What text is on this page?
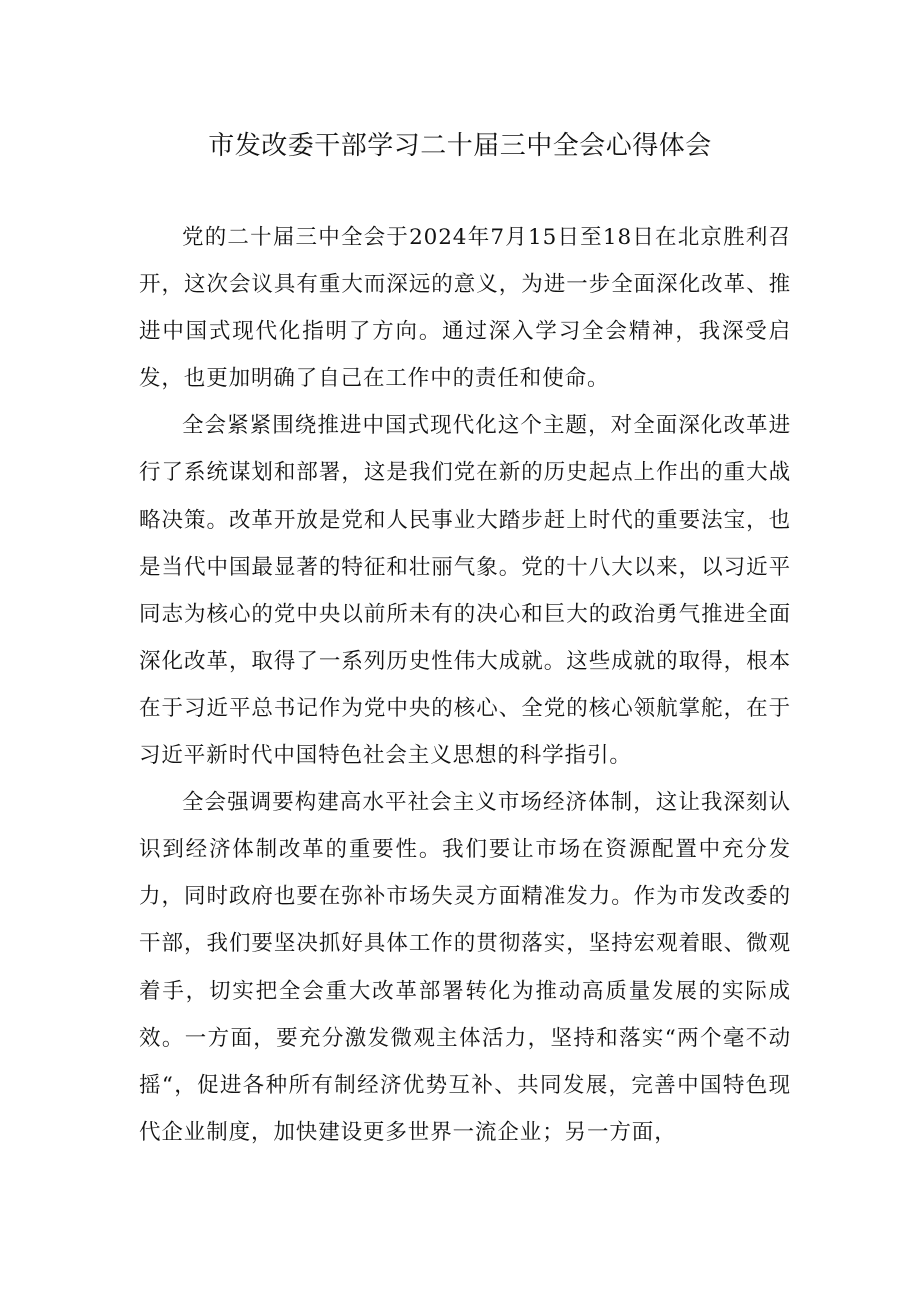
市发改委干部学习二十届三中全会心得体会

党的二十届三中全会于2024年7月15日至18日在北京胜利召开，这次会议具有重大而深远的意义，为进一步全面深化改革、推进中国式现代化指明了方向。通过深入学习全会精神，我深受启发，也更加明确了自己在工作中的责任和使命。

全会紧紧围绕推进中国式现代化这个主题，对全面深化改革进行了系统谋划和部署，这是我们党在新的历史起点上作出的重大战略决策。改革开放是党和人民事业大踏步赶上时代的重要法宝，也是当代中国最显著的特征和壮丽气象。党的十八大以来，以习近平同志为核心的党中央以前所未有的决心和巨大的政治勇气推进全面深化改革，取得了一系列历史性伟大成就。这些成就的取得，根本在于习近平总书记作为党中央的核心、全党的核心领航掌舵，在于习近平新时代中国特色社会主义思想的科学指引。

全会强调要构建高水平社会主义市场经济体制，这让我深刻认识到经济体制改革的重要性。我们要让市场在资源配置中充分发力，同时政府也要在弥补市场失灵方面精准发力。作为市发改委的干部，我们要坚决抓好具体工作的贯彻落实，坚持宏观着眼、微观着手，切实把全会重大改革部署转化为推动高质量发展的实际成效。一方面，要充分激发微观主体活力，坚持和落实“两个毫不动摇“，促进各种所有制经济优势互补、共同发展，完善中国特色现代企业制度，加快建设更多世界一流企业；另一方面，
